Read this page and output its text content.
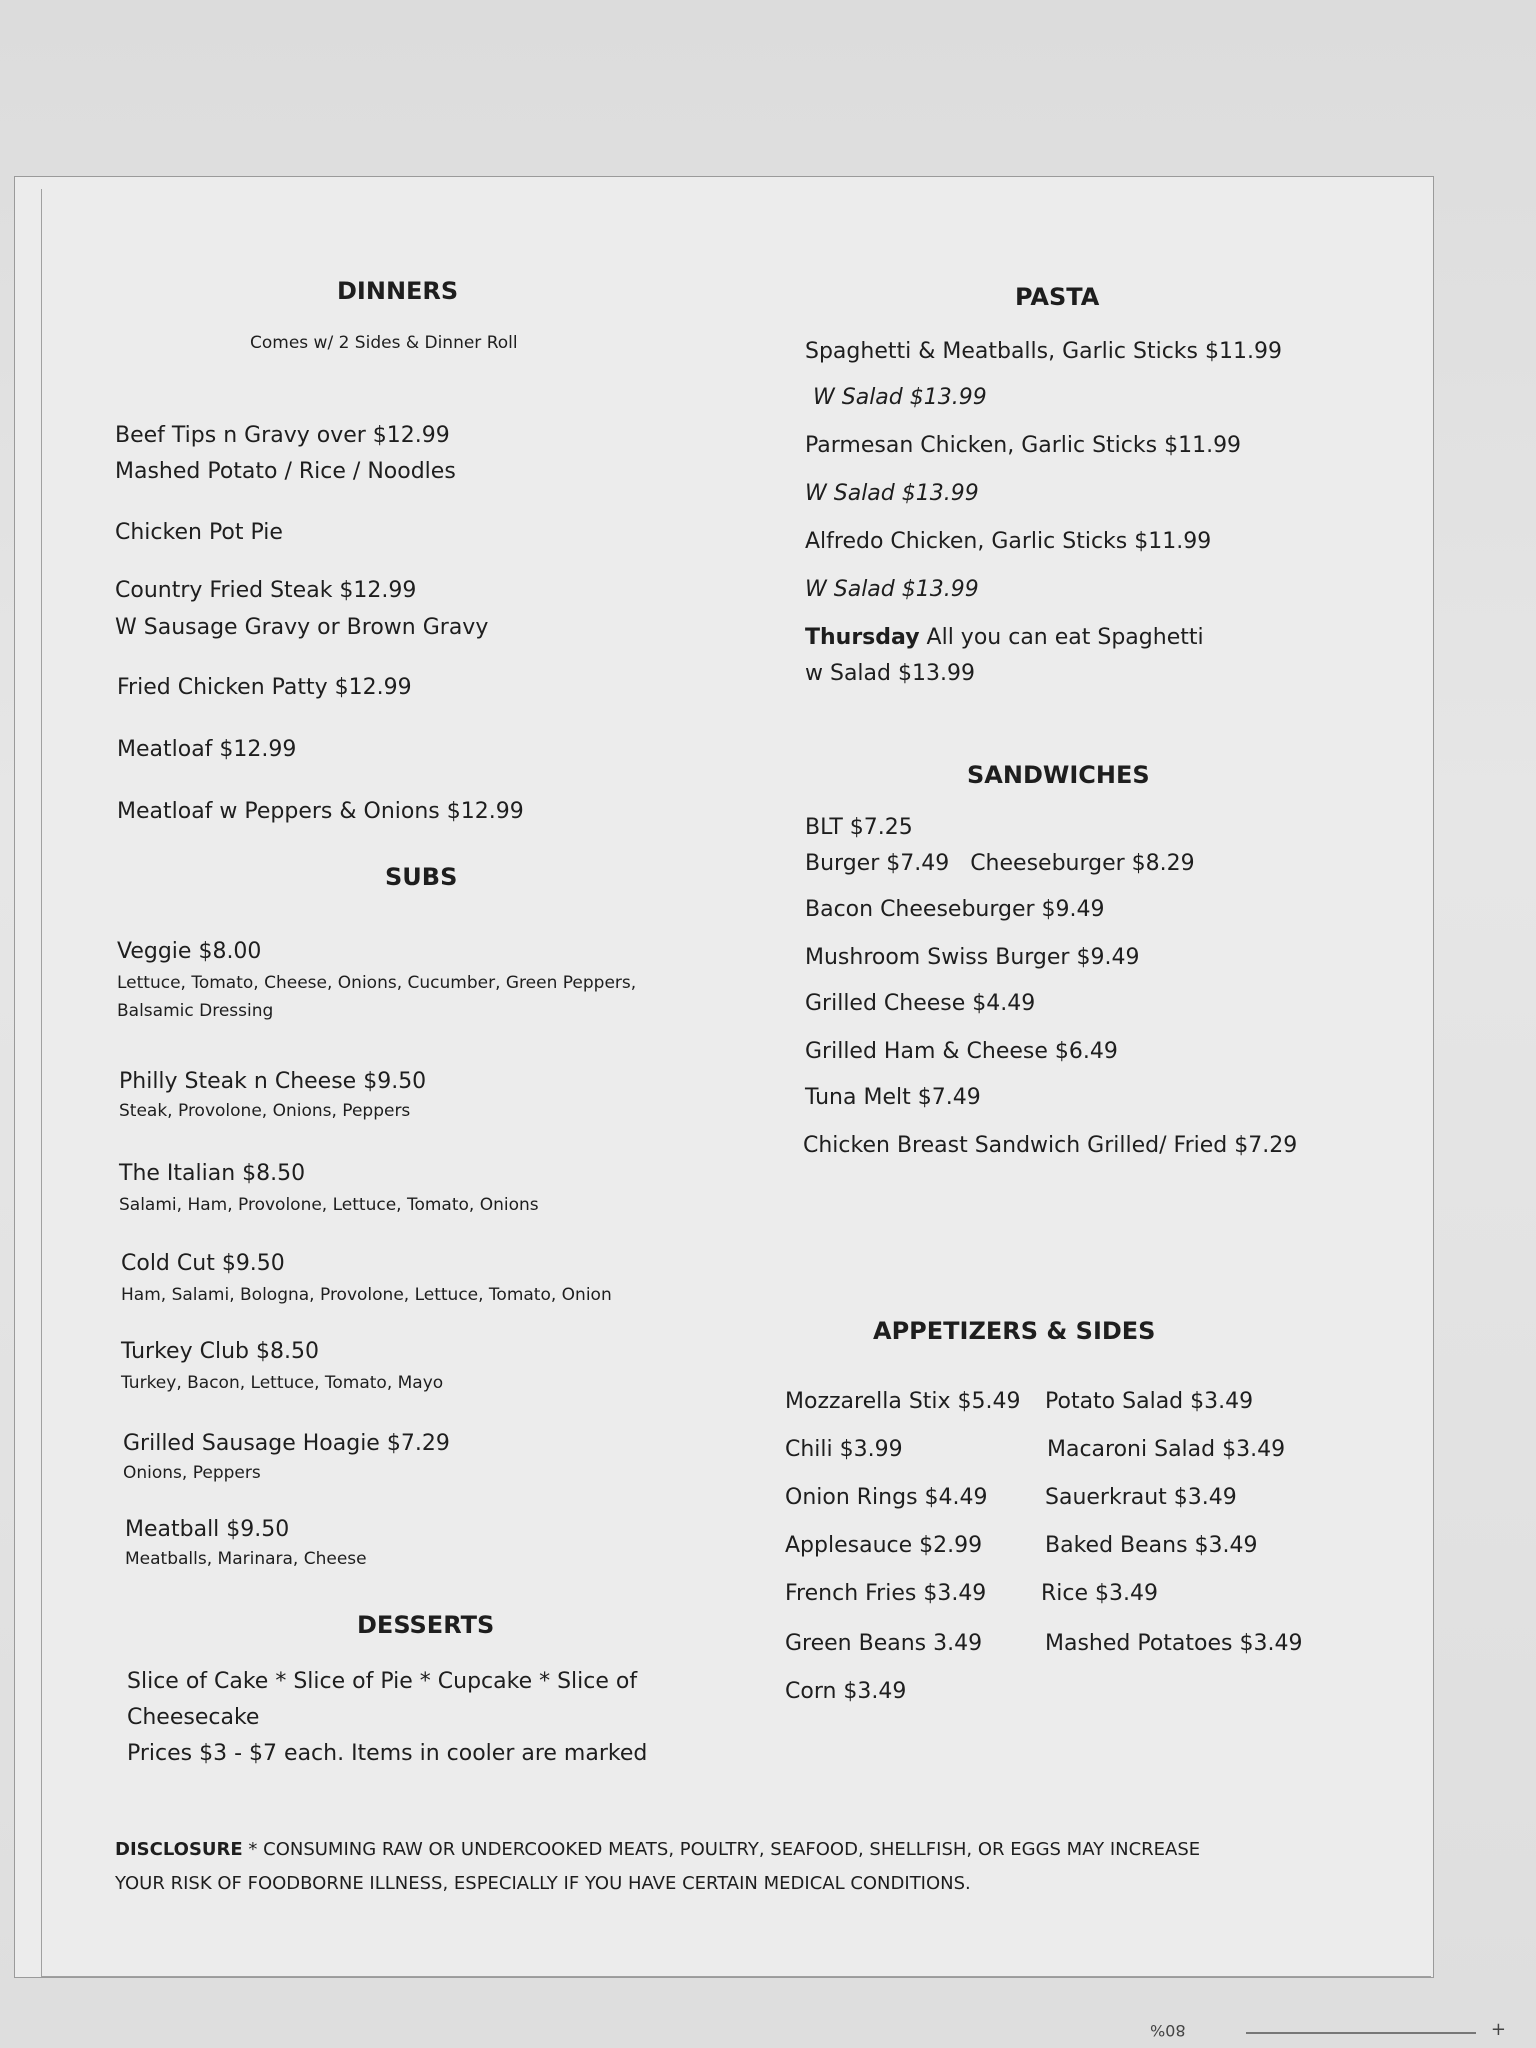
DINNERS
Comes w/ 2 Sides & Dinner Roll
Beef Tips n Gravy over $12.99
Mashed Potato / Rice / Noodles
Chicken Pot Pie
Country Fried Steak $12.99
W Sausage Gravy or Brown Gravy
Fried Chicken Patty $12.99
Meatloaf $12.99
Meatloaf w Peppers & Onions $12.99
SUBS
Veggie $8.00
Lettuce, Tomato, Cheese, Onions, Cucumber, Green Peppers,
Balsamic Dressing
Philly Steak n Cheese $9.50
Steak, Provolone, Onions, Peppers
The Italian $8.50
Salami, Ham, Provolone, Lettuce, Tomato, Onions
Cold Cut $9.50
Ham, Salami, Bologna, Provolone, Lettuce, Tomato, Onion
Turkey Club $8.50
Turkey, Bacon, Lettuce, Tomato, Mayo
Grilled Sausage Hoagie $7.29
Onions, Peppers
Meatball $9.50
Meatballs, Marinara, Cheese
DESSERTS
Slice of Cake * Slice of Pie * Cupcake * Slice of
Cheesecake
Prices $3 - $7 each. Items in cooler are marked
PASTA
Spaghetti & Meatballs, Garlic Sticks $11.99
W Salad $13.99
Parmesan Chicken, Garlic Sticks $11.99
W Salad $13.99
Alfredo Chicken, Garlic Sticks $11.99
W Salad $13.99
Thursday All you can eat Spaghetti
w Salad $13.99
SANDWICHES
BLT $7.25
Burger $7.49   Cheeseburger $8.29
Bacon Cheeseburger $9.49
Mushroom Swiss Burger $9.49
Grilled Cheese $4.49
Grilled Ham & Cheese $6.49
Tuna Melt $7.49
Chicken Breast Sandwich Grilled/ Fried $7.29
APPETIZERS & SIDES
Mozzarella Stix $5.49
Chili $3.99
Onion Rings $4.49
Applesauce $2.99
French Fries $3.49
Green Beans 3.49
Corn $3.49
Potato Salad $3.49
Macaroni Salad $3.49
Sauerkraut $3.49
Baked Beans $3.49
Rice $3.49
Mashed Potatoes $3.49
DISCLOSURE * CONSUMING RAW OR UNDERCOOKED MEATS, POULTRY, SEAFOOD, SHELLFISH, OR EGGS MAY INCREASE
YOUR RISK OF FOODBORNE ILLNESS, ESPECIALLY IF YOU HAVE CERTAIN MEDICAL CONDITIONS.
80%	+
